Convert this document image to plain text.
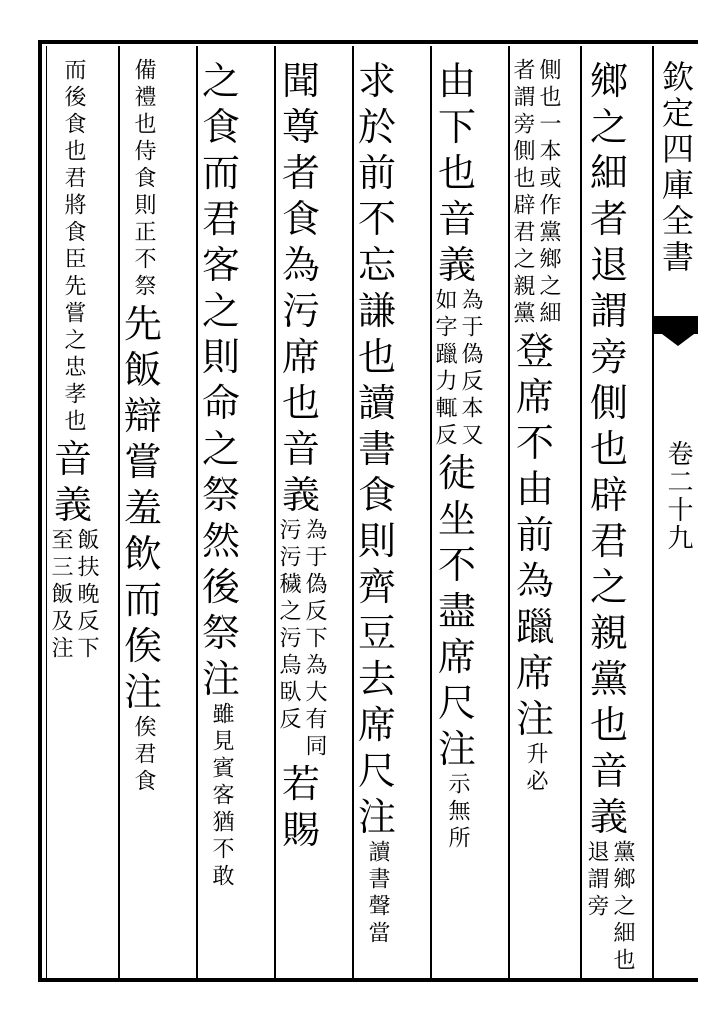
欽定四庫全書
卷二十九
鄉
之
細
者
退
謂
旁
側
也
辟
君
之
親
黨
也
音
義
黨鄉之細也
退謂旁
側也一本或作黨鄉之細
者謂旁側也辟君之親黨
登
席
不
由
前
為
躐
席
注
升必
由
下
也
音
義
為于偽反本又
如字躐力輒反
徒
坐
不
盡
席
尺
注
示無所
求
於
前
不
忘
謙
也
讀
書
食
則
齊
豆
去
席
尺
注
讀書聲當
聞
尊
者
食
為
污
席
也
音
義
為于偽反下為大有同
污污穢之污烏臥反
若
賜
之
食
而
君
客
之
則
命
之
祭
然
後
祭
注
雖見賓客猶不敢
備禮也侍食則正不祭
先
飯
辯
嘗
羞
飲
而
俟
注
俟君食
而後食也君將食臣先嘗之忠孝也
音
義
飯扶晚反下
至三飯及注
